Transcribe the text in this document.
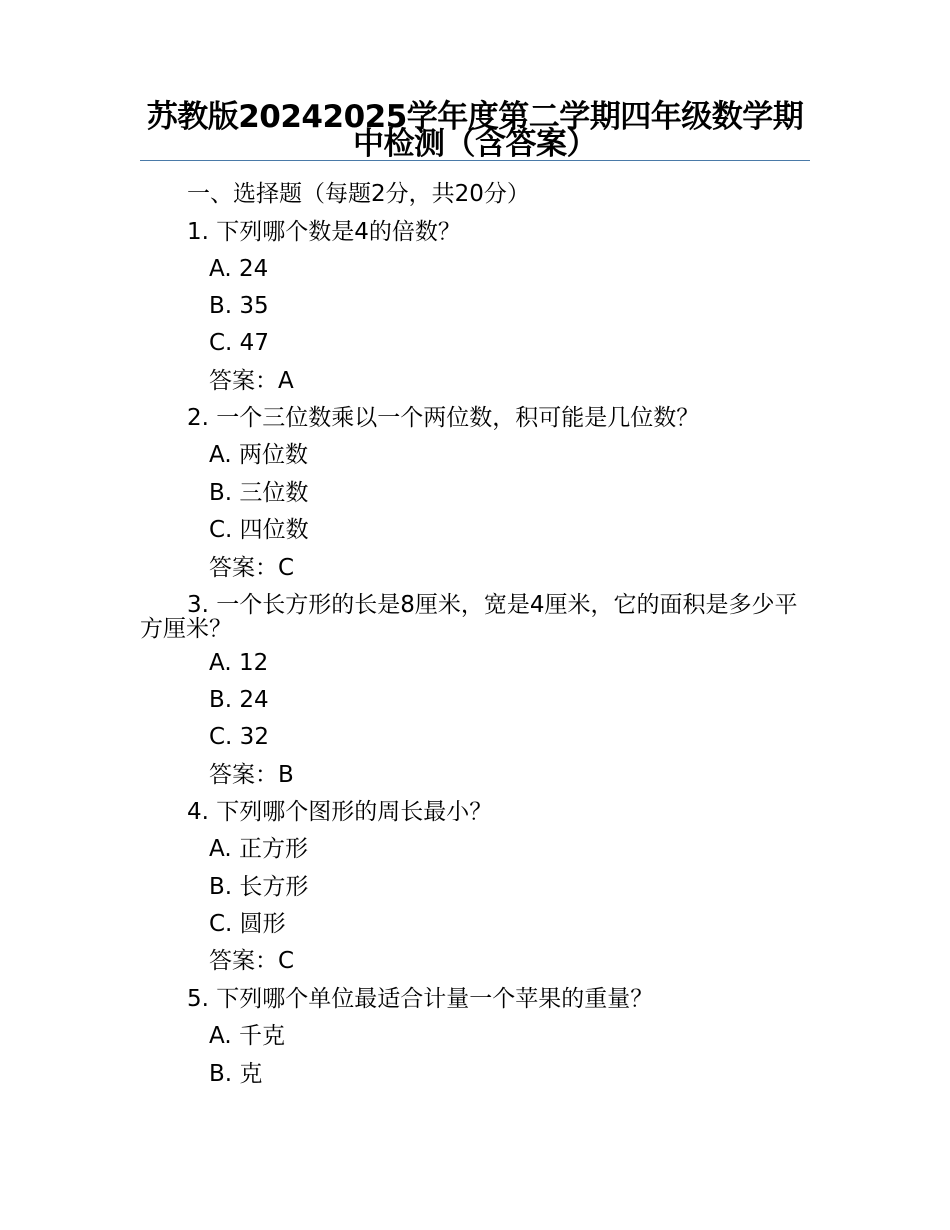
苏教版20242025学年度第二学期四年级数学期中检测（含答案）

一、选择题（每题2分，共20分）

1. 下列哪个数是4的倍数？

A. 24

B. 35

C. 47

答案：A

2. 一个三位数乘以一个两位数，积可能是几位数？

A. 两位数

B. 三位数

C. 四位数

答案：C

3. 一个长方形的长是8厘米，宽是4厘米，它的面积是多少平方厘米？

A. 12

B. 24

C. 32

答案：B

4. 下列哪个图形的周长最小？

A. 正方形

B. 长方形

C. 圆形

答案：C

5. 下列哪个单位最适合计量一个苹果的重量？

A. 千克

B. 克
